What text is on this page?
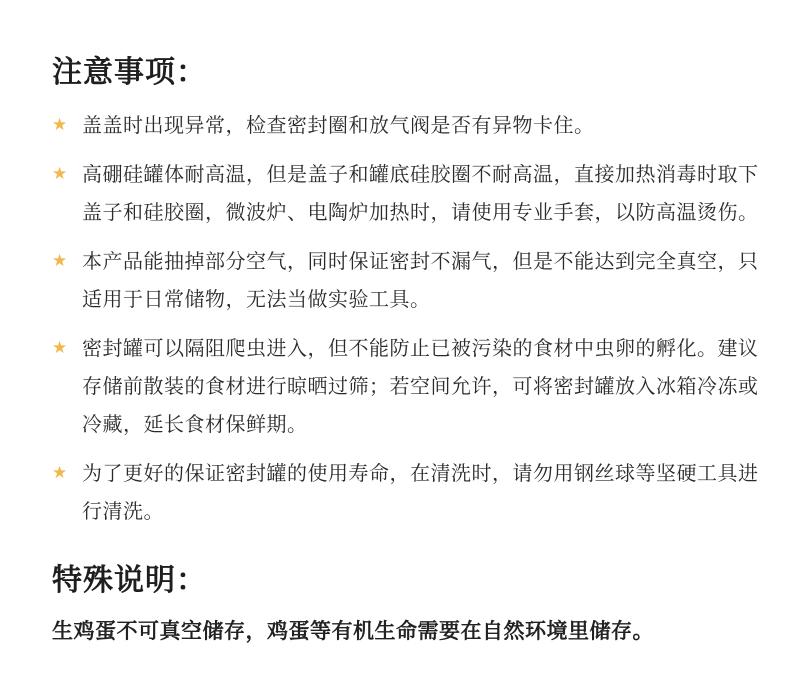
注意事项：
★ 盖盖时出现异常，检查密封圈和放气阀是否有异物卡住。
★ 高硼硅罐体耐高温，但是盖子和罐底硅胶圈不耐高温，直接加热消毒时取下盖子和硅胶圈，微波炉、电陶炉加热时，请使用专业手套，以防高温烫伤。
★ 本产品能抽掉部分空气，同时保证密封不漏气，但是不能达到完全真空，只适用于日常储物，无法当做实验工具。
★ 密封罐可以隔阻爬虫进入，但不能防止已被污染的食材中虫卵的孵化。建议存储前散装的食材进行晾晒过筛；若空间允许，可将密封罐放入冰箱冷冻或冷藏，延长食材保鲜期。
★ 为了更好的保证密封罐的使用寿命，在清洗时，请勿用钢丝球等坚硬工具进行清洗。
特殊说明：

生鸡蛋不可真空储存，鸡蛋等有机生命需要在自然环境里储存。
